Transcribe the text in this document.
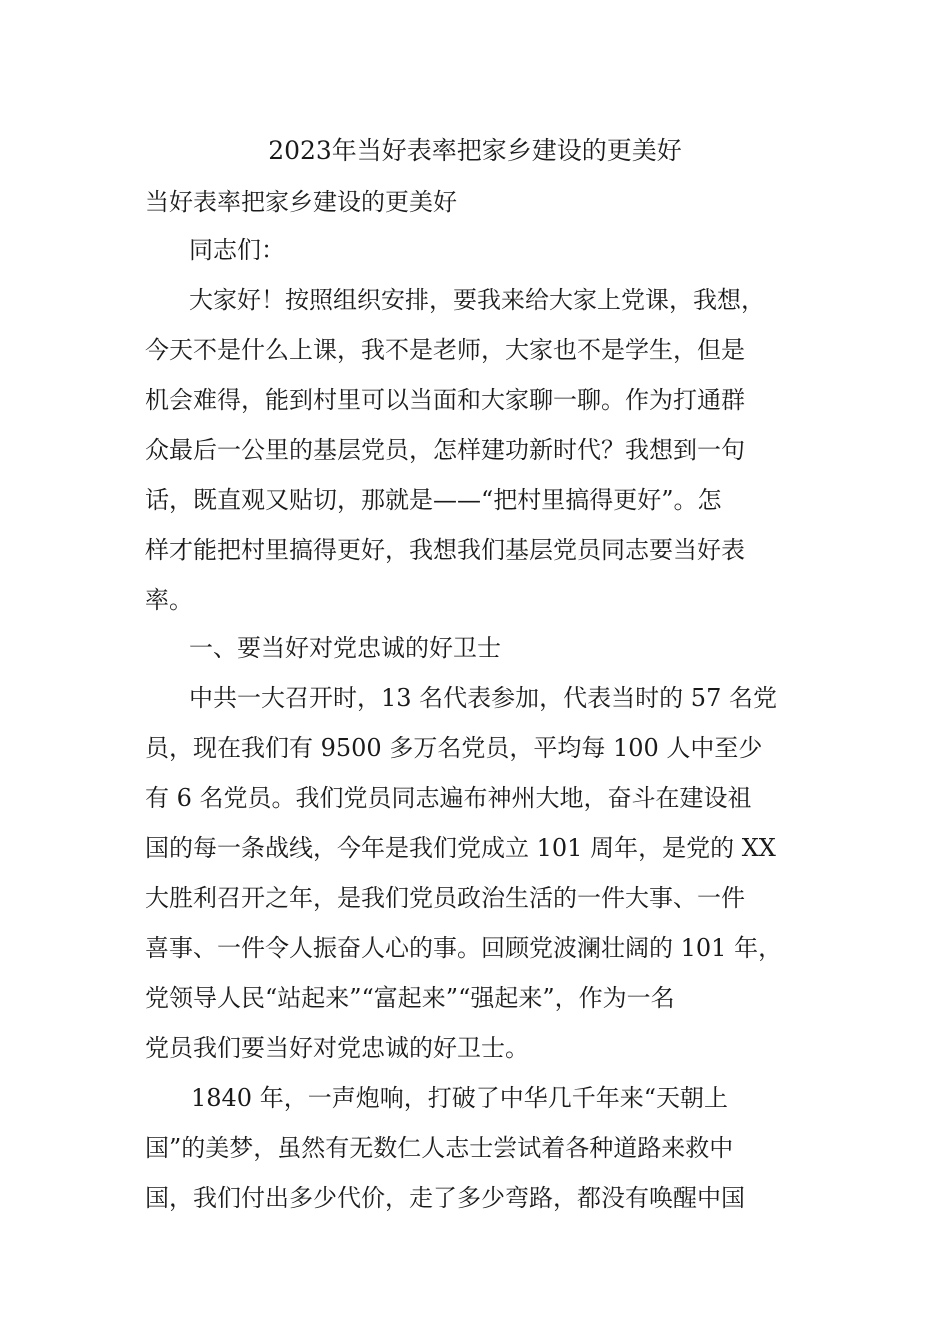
2023年当好表率把家乡建设的更美好
当好表率把家乡建设的更美好
同志们：
大家好！按照组织安排，要我来给大家上党课，我想，
今天不是什么上课，我不是老师，大家也不是学生，但是
机会难得，能到村里可以当面和大家聊一聊。作为打通群
众最后一公里的基层党员，怎样建功新时代？我想到一句
话，既直观又贴切，那就是——“把村里搞得更好”。怎
样才能把村里搞得更好，我想我们基层党员同志要当好表
率。
一、要当好对党忠诚的好卫士
中共一大召开时，13 名代表参加，代表当时的 57 名党
员，现在我们有 9500 多万名党员，平均每 100 人中至少
有 6 名党员。我们党员同志遍布神州大地，奋斗在建设祖
国的每一条战线，今年是我们党成立 101 周年，是党的 XX
大胜利召开之年，是我们党员政治生活的一件大事、一件
喜事、一件令人振奋人心的事。回顾党波澜壮阔的 101 年，
党领导人民“站起来”“富起来”“强起来”，作为一名
党员我们要当好对党忠诚的好卫士。
1840 年，一声炮响，打破了中华几千年来“天朝上
国”的美梦，虽然有无数仁人志士尝试着各种道路来救中
国，我们付出多少代价，走了多少弯路，都没有唤醒中国
